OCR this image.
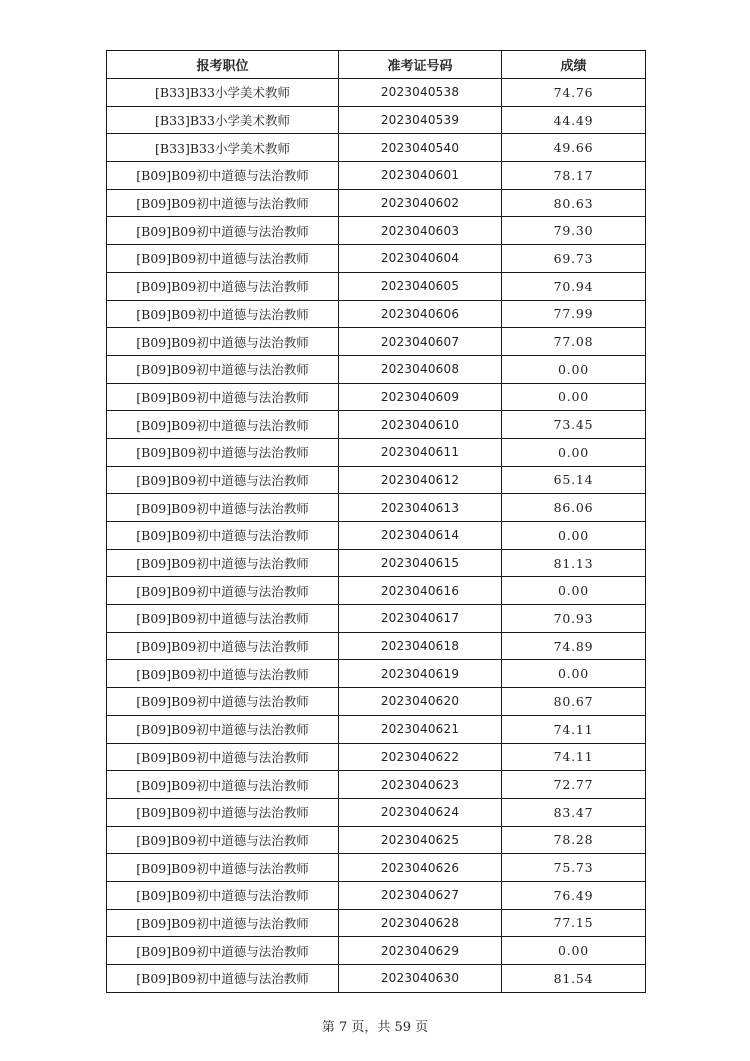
报考职位	准考证号码	成绩
[B33]B33小学美术教师	2023040538	74.76
[B33]B33小学美术教师	2023040539	44.49
[B33]B33小学美术教师	2023040540	49.66
[B09]B09初中道德与法治教师	2023040601	78.17
[B09]B09初中道德与法治教师	2023040602	80.63
[B09]B09初中道德与法治教师	2023040603	79.30
[B09]B09初中道德与法治教师	2023040604	69.73
[B09]B09初中道德与法治教师	2023040605	70.94
[B09]B09初中道德与法治教师	2023040606	77.99
[B09]B09初中道德与法治教师	2023040607	77.08
[B09]B09初中道德与法治教师	2023040608	0.00
[B09]B09初中道德与法治教师	2023040609	0.00
[B09]B09初中道德与法治教师	2023040610	73.45
[B09]B09初中道德与法治教师	2023040611	0.00
[B09]B09初中道德与法治教师	2023040612	65.14
[B09]B09初中道德与法治教师	2023040613	86.06
[B09]B09初中道德与法治教师	2023040614	0.00
[B09]B09初中道德与法治教师	2023040615	81.13
[B09]B09初中道德与法治教师	2023040616	0.00
[B09]B09初中道德与法治教师	2023040617	70.93
[B09]B09初中道德与法治教师	2023040618	74.89
[B09]B09初中道德与法治教师	2023040619	0.00
[B09]B09初中道德与法治教师	2023040620	80.67
[B09]B09初中道德与法治教师	2023040621	74.11
[B09]B09初中道德与法治教师	2023040622	74.11
[B09]B09初中道德与法治教师	2023040623	72.77
[B09]B09初中道德与法治教师	2023040624	83.47
[B09]B09初中道德与法治教师	2023040625	78.28
[B09]B09初中道德与法治教师	2023040626	75.73
[B09]B09初中道德与法治教师	2023040627	76.49
[B09]B09初中道德与法治教师	2023040628	77.15
[B09]B09初中道德与法治教师	2023040629	0.00
[B09]B09初中道德与法治教师	2023040630	81.54
第 7 页，共 59 页
